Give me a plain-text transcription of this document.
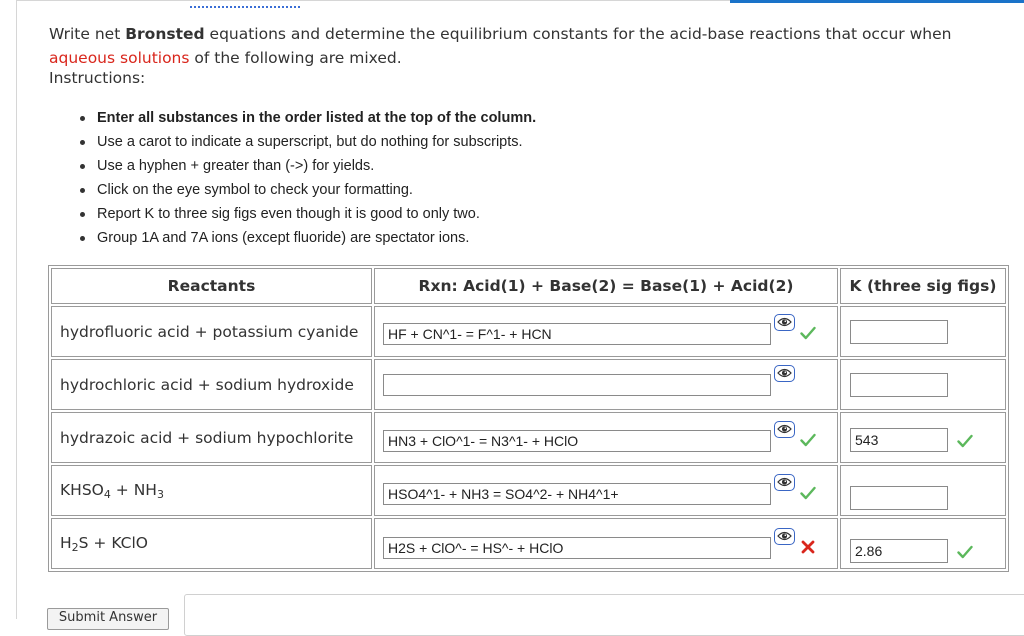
Write net Bronsted equations and determine the equilibrium constants for the acid-base reactions that occur when aqueous solutions of the following are mixed.
Instructions:
Enter all substances in the order listed at the top of the column.
Use a carot to indicate a superscript, but do nothing for subscripts.
Use a hyphen + greater than (->) for yields.
Click on the eye symbol to check your formatting.
Report K to three sig figs even though it is good to only two.
Group 1A and 7A ions (except fluoride) are spectator ions.
Reactants	Rxn: Acid(1) + Base(2) = Base(1) + Acid(2)	K (three sig figs)
hydrofluoric acid + potassium cyanide	HF + CN^1- = F^1- + HCN	

hydrochloric acid + sodium hydroxide	

hydrazoic acid + sodium hypochlorite	HN3 + ClO^1- = N3^1- + HClO	543

$KHSO_4 + NH_3$	HSO4^1- + NH3 = SO4^2- + NH4^1+	

$H_2S$ + KClO	H2S + ClO^- = HS^- + HClO	2.86
Submit Answer
